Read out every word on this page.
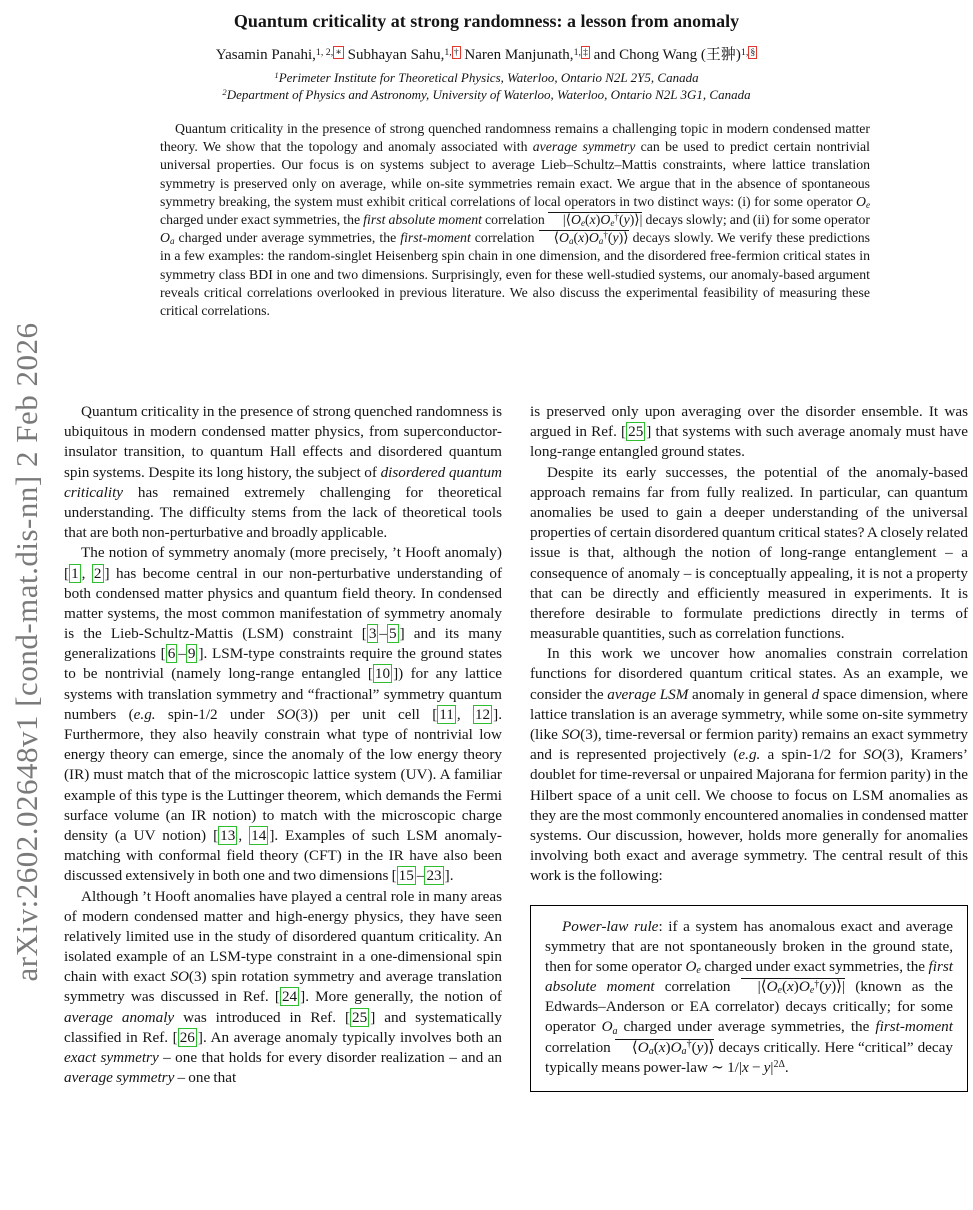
arXiv:2602.02648v1 [cond-mat.dis-nn] 2 Feb 2026
Quantum criticality at strong randomness: a lesson from anomaly
Yasamin Panahi,$^{1, 2,}$ ∗ Subhayan Sahu,$^{1,}$ † Naren Manjunath,$^{1,}$ ‡ and Chong Wang (王翀)$^{1,}$ §
$^1$Perimeter Institute for Theoretical Physics, Waterloo, Ontario N2L 2Y5, Canada
$^2$Department of Physics and Astronomy, University of Waterloo, Waterloo, Ontario N2L 3G1, Canada
Quantum criticality in the presence of strong quenched randomness remains a challenging topic in modern condensed matter theory. We show that the topology and anomaly associated with average symmetry can be used to predict certain nontrivial universal properties. Our focus is on systems subject to average Lieb–Schultz–Mattis constraints, where lattice translation symmetry is preserved only on average, while on-site symmetries remain exact. We argue that in the absence of spontaneous symmetry breaking, the system must exhibit critical correlations of local operators in two distinct ways: (i) for some operator Oe charged under exact symmetries, the first absolute moment correlation |⟨Oe(x)Oe†(y)⟩| decays slowly; and (ii) for some operator Oa charged under average symmetries, the first-moment correlation ⟨Oa(x)Oa†(y)⟩ decays slowly. We verify these predictions in a few examples: the random-singlet Heisenberg spin chain in one dimension, and the disordered free-fermion critical states in symmetry class BDI in one and two dimensions. Surprisingly, even for these well-studied systems, our anomaly-based argument reveals critical correlations overlooked in previous literature. We also discuss the experimental feasibility of measuring these critical correlations.

Quantum criticality in the presence of strong quenched randomness is ubiquitous in modern condensed matter physics, from superconductor-insulator transition, to quantum Hall effects and disordered quantum spin systems. Despite its long history, the subject of disordered quantum criticality has remained extremely challenging for theoretical understanding. The difficulty stems from the lack of theoretical tools that are both non-perturbative and broadly applicable.

The notion of symmetry anomaly (more precisely, ’t Hooft anomaly) [ 1 , 2 ] has become central in our non-perturbative understanding of both condensed matter physics and quantum field theory. In condensed matter systems, the most common manifestation of symmetry anomaly is the Lieb-Schultz-Mattis (LSM) constraint [ 3 – 5 ] and its many generalizations [ 6 – 9 ]. LSM-type constraints require the ground states to be nontrivial (namely long-range entangled [ 10 ]) for any lattice systems with translation symmetry and “fractional” symmetry quantum numbers (e.g. spin-1/2 under SO(3)) per unit cell [ 11 , 12 ]. Furthermore, they also heavily constrain what type of nontrivial low energy theory can emerge, since the anomaly of the low energy theory (IR) must match that of the microscopic lattice system (UV). A familiar example of this type is the Luttinger theorem, which demands the Fermi surface volume (an IR notion) to match with the microscopic charge density (a UV notion) [ 13 , 14 ]. Examples of such LSM anomaly-matching with conformal field theory (CFT) in the IR have also been discussed extensively in both one and two dimensions [ 15 – 23 ].

Although ’t Hooft anomalies have played a central role in many areas of modern condensed matter and high-energy physics, they have seen relatively limited use in the study of disordered quantum criticality. An isolated example of an LSM-type constraint in a one-dimensional spin chain with exact SO(3) spin rotation symmetry and average translation symmetry was discussed in Ref. [ 24 ]. More generally, the notion of average anomaly was introduced in Ref. [ 25 ] and systematically classified in Ref. [ 26 ]. An average anomaly typically involves both an exact symmetry – one that holds for every disorder realization – and an average symmetry – one that

is preserved only upon averaging over the disorder ensemble. It was argued in Ref. [ 25 ] that systems with such average anomaly must have long-range entangled ground states.

Despite its early successes, the potential of the anomaly-based approach remains far from fully realized. In particular, can quantum anomalies be used to gain a deeper understanding of the universal properties of certain disordered quantum critical states? A closely related issue is that, although the notion of long-range entanglement – a consequence of anomaly – is conceptually appealing, it is not a property that can be directly and efficiently measured in experiments. It is therefore desirable to formulate predictions directly in terms of measurable quantities, such as correlation functions.

In this work we uncover how anomalies constrain correlation functions for disordered quantum critical states. As an example, we consider the average LSM anomaly in general d space dimension, where lattice translation is an average symmetry, while some on-site symmetry (like SO(3), time-reversal or fermion parity) remains an exact symmetry and is represented projectively (e.g. a spin-1/2 for SO(3), Kramers’ doublet for time-reversal or unpaired Majorana for fermion parity) in the Hilbert space of a unit cell. We choose to focus on LSM anomalies as they are the most commonly encountered anomalies in condensed matter systems. Our discussion, however, holds more generally for anomalies involving both exact and average symmetry. The central result of this work is the following:

Power-law rule: if a system has anomalous exact and average symmetry that are not spontaneously broken in the ground state, then for some operator Oe charged under exact symmetries, the first absolute moment correlation |⟨Oe(x)Oe†(y)⟩| (known as the Edwards–Anderson or EA correlator) decays critically; for some operator Oa charged under average symmetries, the first-moment correlation ⟨Oa(x)Oa†(y)⟩ decays critically. Here “critical” decay typically means power-law ∼ $1/|x - y|^{2\Delta}$.
